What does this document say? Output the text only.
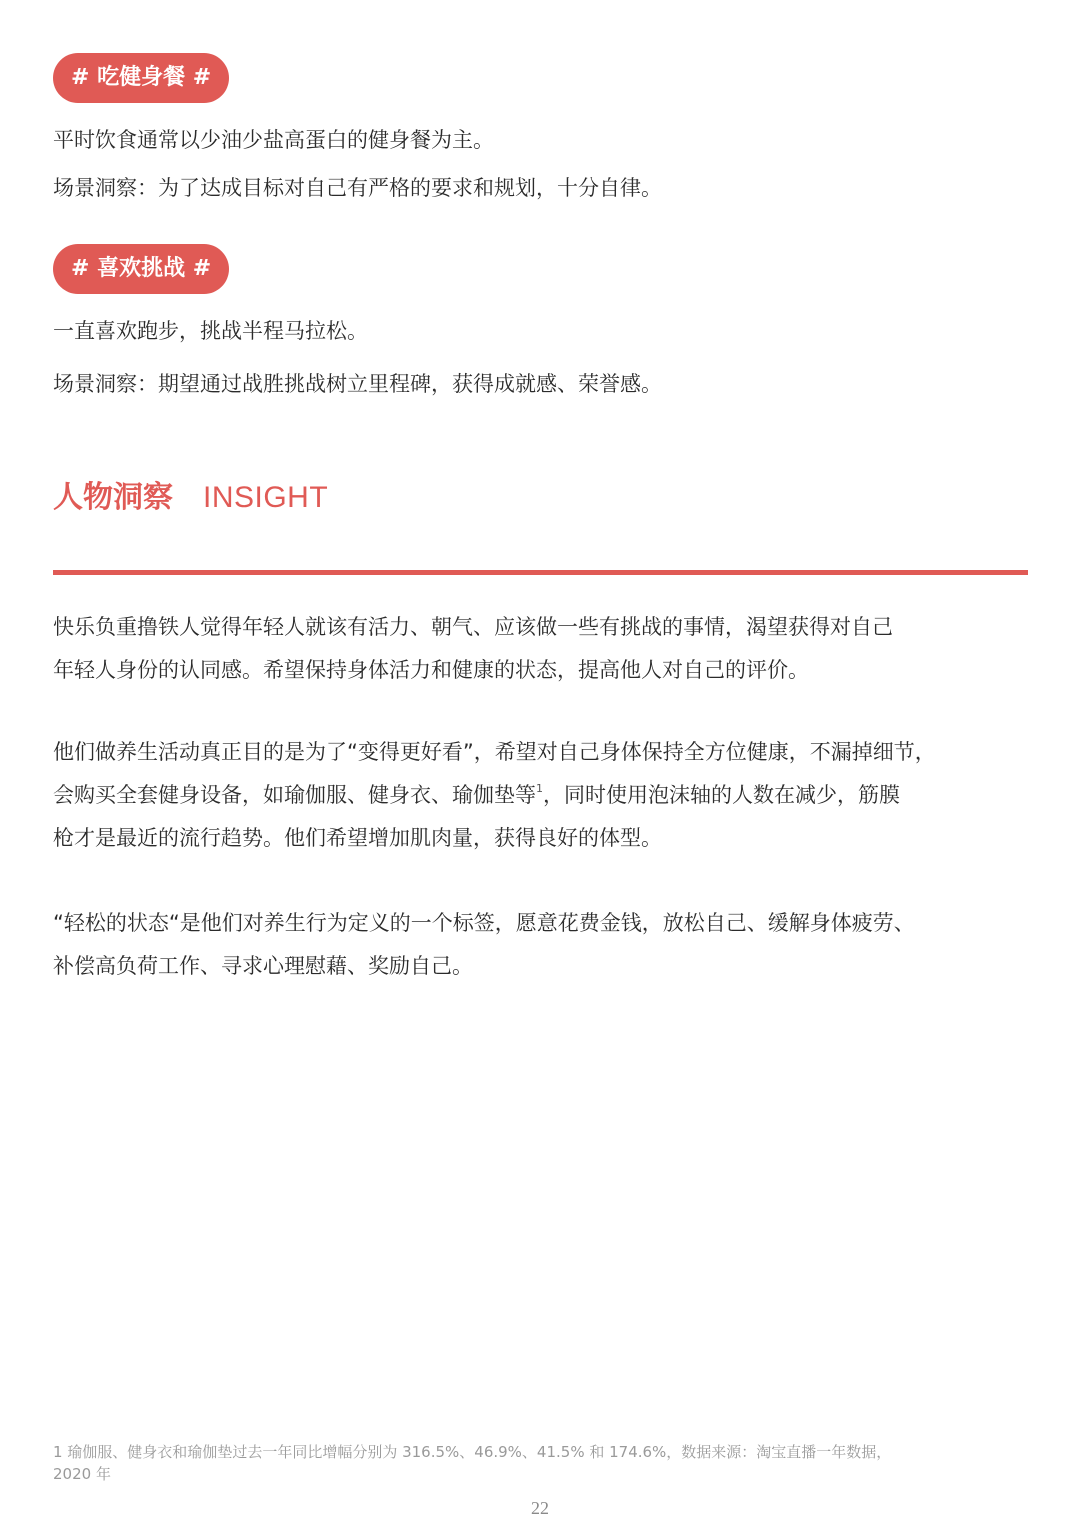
# 吃健身餐 #
平时饮食通常以少油少盐高蛋白的健身餐为主。
场景洞察：为了达成目标对自己有严格的要求和规划，十分自律。
# 喜欢挑战 #
一直喜欢跑步，挑战半程马拉松。
场景洞察：期望通过战胜挑战树立里程碑，获得成就感、荣誉感。
人物洞察 INSIGHT

快乐负重撸铁人觉得年轻人就该有活力、朝气、应该做一些有挑战的事情，渴望获得对自己

年轻人身份的认同感。希望保持身体活力和健康的状态，提高他人对自己的评价。

他们做养生活动真正目的是为了“变得更好看”，希望对自己身体保持全方位健康，不漏掉细节，

会购买全套健身设备，如瑜伽服、健身衣、瑜伽垫等$^1$，同时使用泡沫轴的人数在减少，筋膜

枪才是最近的流行趋势。他们希望增加肌肉量，获得良好的体型。

“轻松的状态“是他们对养生行为定义的一个标签，愿意花费金钱，放松自己、缓解身体疲劳、

补偿高负荷工作、寻求心理慰藉、奖励自己。

1 瑜伽服、健身衣和瑜伽垫过去一年同比增幅分别为 316.5%、46.9%、41.5% 和 174.6%，数据来源：淘宝直播一年数据，
2020 年
22
